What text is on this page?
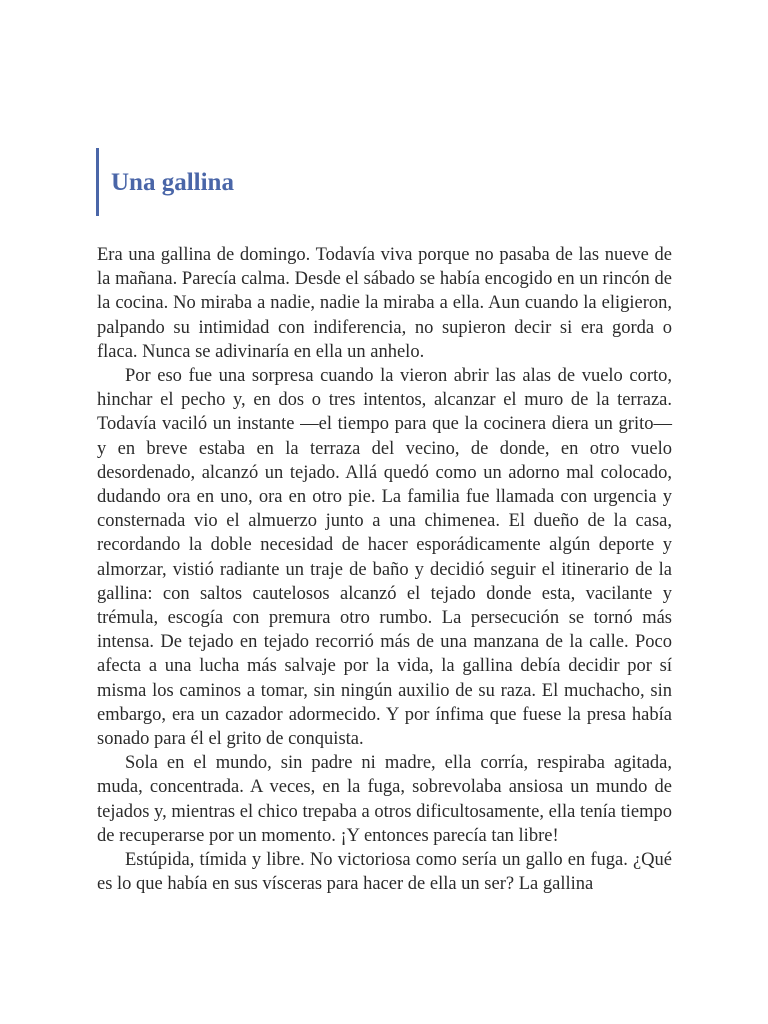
Una gallina

Era una gallina de domingo. Todavía viva porque no pasaba de las nueve de la mañana. Parecía calma. Desde el sábado se había encogido en un rincón de la cocina. No miraba a nadie, nadie la miraba a ella. Aun cuando la eligieron, palpando su intimidad con indiferencia, no supieron decir si era gorda o flaca. Nunca se adivinaría en ella un anhelo.

Por eso fue una sorpresa cuando la vieron abrir las alas de vuelo corto, hinchar el pecho y, en dos o tres intentos, alcanzar el muro de la terraza. Todavía vaciló un instante —el tiempo para que la cocinera diera un grito— y en breve estaba en la terraza del vecino, de donde, en otro vuelo desordenado, alcanzó un tejado. Allá quedó como un adorno mal colocado, dudando ora en uno, ora en otro pie. La familia fue llamada con urgencia y consternada vio el almuerzo junto a una chimenea. El dueño de la casa, recordando la doble necesidad de hacer esporádicamente algún deporte y almorzar, vistió radiante un traje de baño y decidió seguir el itinerario de la gallina: con saltos cautelosos alcanzó el tejado donde esta, vacilante y trémula, escogía con premura otro rumbo. La persecución se tornó más intensa. De tejado en tejado recorrió más de una manzana de la calle. Poco afecta a una lucha más salvaje por la vida, la gallina debía decidir por sí misma los caminos a tomar, sin ningún auxilio de su raza. El muchacho, sin embargo, era un cazador adormecido. Y por ínfima que fuese la presa había sonado para él el grito de conquista.

Sola en el mundo, sin padre ni madre, ella corría, respiraba agitada, muda, concentrada. A veces, en la fuga, sobrevolaba ansiosa un mundo de tejados y, mientras el chico trepaba a otros dificultosamente, ella tenía tiempo de recuperarse por un momento. ¡Y entonces parecía tan libre!

Estúpida, tímida y libre. No victoriosa como sería un gallo en fuga. ¿Qué es lo que había en sus vísceras para hacer de ella un ser? La gallina
